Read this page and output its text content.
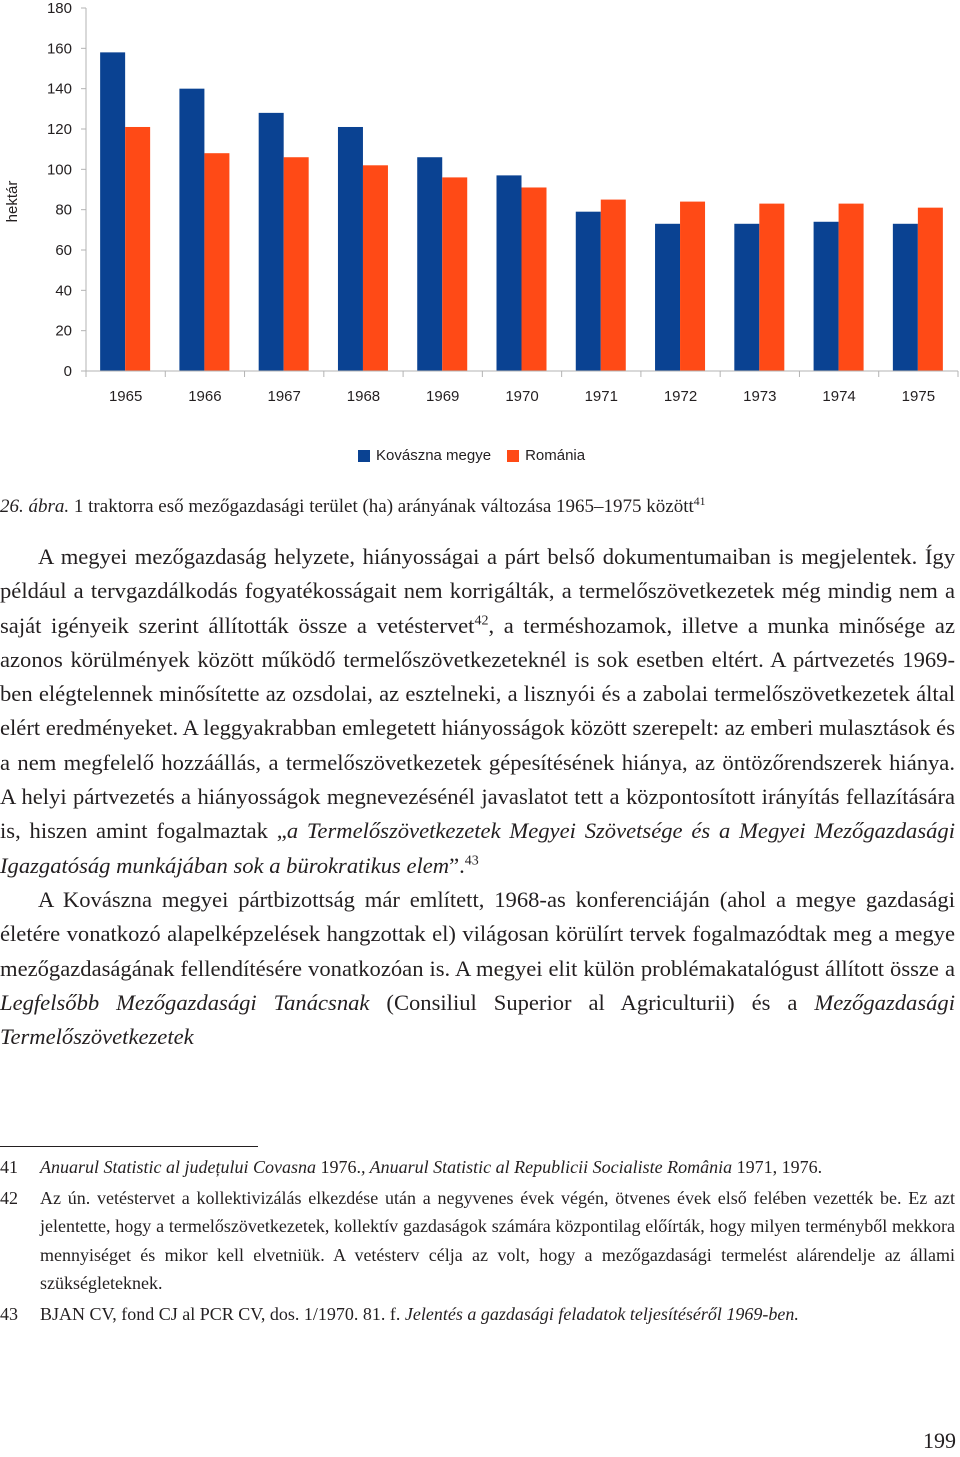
hektár
0
20
40
60
80
100
120
140
160
180
1965	1966	1967	1968	1969	1970	1971	1972	1973	1974	1975
Kovászna megye Románia
26. ábra. 1 traktorra eső mezőgazdasági terület (ha) arányának változása 1965–1975 között$^{41}$

A megyei mezőgazdaság helyzete, hiányosságai a párt belső dokumentumaiban is megjelentek. Így például a tervgazdálkodás fogyatékosságait nem korrigálták, a termelőszövetkezetek még mindig nem a saját igényeik szerint állították össze a vetéstervet$^{42}$, a terméshozamok, illetve a munka minősége az azonos körülmények között működő termelőszövetkezeteknél is sok esetben eltért. A pártvezetés 1969-ben elégtelennek minősítette az ozsdolai, az esztelneki, a lisznyói és a zabolai termelőszövetkezetek által elért eredményeket. A leggyakrabban emlegetett hiányosságok között szerepelt: az emberi mulasztások és a nem megfelelő hozzáállás, a termelőszövetkezetek gépesítésének hiánya, az öntözőrendszerek hiánya. A helyi pártvezetés a hiányosságok megnevezésénél javaslatot tett a központosított irányítás fellazítására is, hiszen amint fogalmaztak „a Termelőszövetkezetek Megyei Szövetsége és a Megyei Mezőgazdasági Igazgatóság munkájában sok a bürokratikus elem”.$^{43}$

A Kovászna megyei pártbizottság már említett, 1968-as konferenciáján (ahol a megye gazdasági életére vonatkozó alapelképzelések hangzottak el) világosan körülírt tervek fogalmazódtak meg a megye mezőgazdaságának fellendítésére vonatkozóan is. A megyei elit külön problémakatalógust állított össze a Legfelsőbb Mezőgazdasági Tanácsnak (Consiliul Superior al Agriculturii) és a Mezőgazdasági Termelőszövetkezetek

41	Anuarul Statistic al județului Covasna 1976., Anuarul Statistic al Republicii Socialiste România 1971, 1976.
42	Az ún. vetéstervet a kollektivizálás elkezdése után a negyvenes évek végén, ötvenes évek első felében vezették be. Ez azt jelentette, hogy a termelőszövetkezetek, kollektív gazdaságok számára központilag előírták, hogy milyen terményből mekkora mennyiséget és mikor kell elvetniük. A vetésterv célja az volt, hogy a mezőgazdasági termelést alárendelje az állami szükségleteknek.
43	BJAN CV, fond CJ al PCR CV, dos. 1/1970. 81. f. Jelentés a gazdasági feladatok teljesítéséről 1969-ben.
199
